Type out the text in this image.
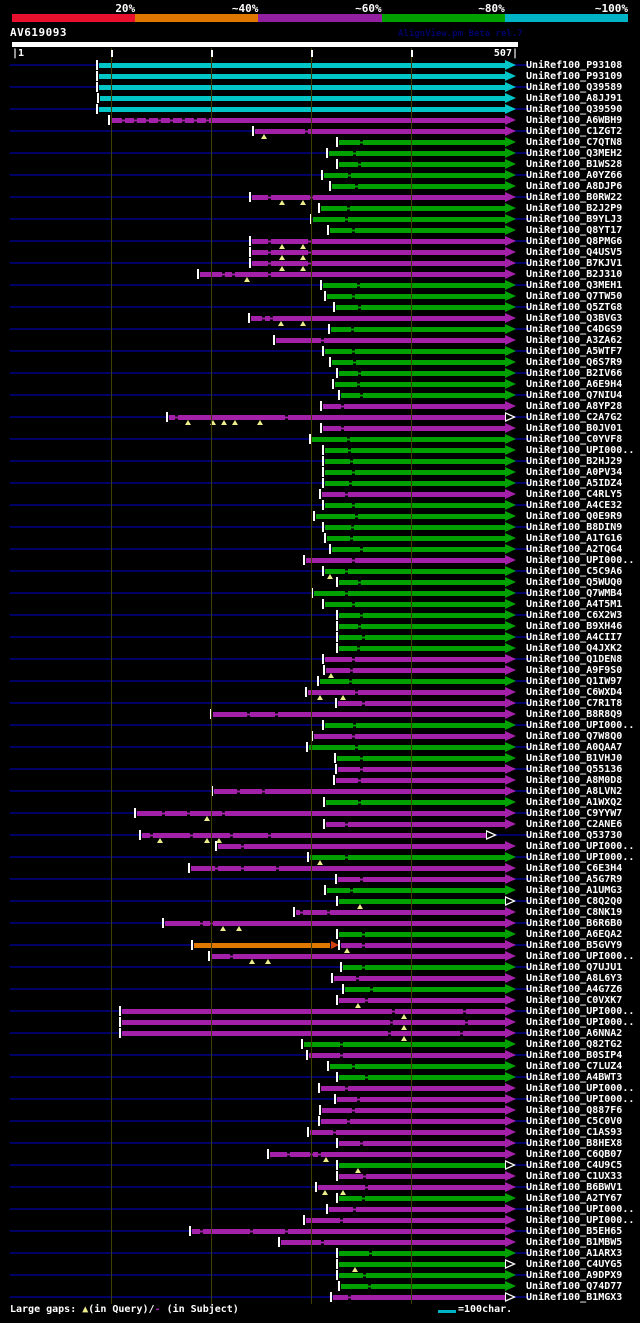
20%	~40%	~60%	~80%	~100%
AV619093	AlignView.pm Beta rel.7
|1	507|
UniRef100_P93108
UniRef100_P93109
UniRef100_Q39589
UniRef100_A8JJ91
UniRef100_Q39590
UniRef100_A6WBH9
UniRef100_C1ZGT2
UniRef100_C7QTN8
UniRef100_Q3MEH2
UniRef100_B1WS28
UniRef100_A0YZ66
UniRef100_A8DJP6
UniRef100_B0RW22
UniRef100_B2J2P9
UniRef100_B9YLJ3
UniRef100_Q8YT17
UniRef100_Q8PMG6
UniRef100_Q4USV5
UniRef100_B7KJV1
UniRef100_B2J310
UniRef100_Q3MEH1
UniRef100_Q7TW50
UniRef100_Q5ZTG8
UniRef100_Q3BVG3
UniRef100_C4DGS9
UniRef100_A3ZA62
UniRef100_A5WTF7
UniRef100_Q6S7R9
UniRef100_B2IV66
UniRef100_A6E9H4
UniRef100_Q7NIU4
UniRef100_A8YP28
UniRef100_C2A7G2
UniRef100_B0JV01
UniRef100_C0YVF8
UniRef100_UPI000..
UniRef100_B2HJ29
UniRef100_A0PV34
UniRef100_A5IDZ4
UniRef100_C4RLY5
UniRef100_A4CE32
UniRef100_Q0E9R9
UniRef100_B8DIN9
UniRef100_A1TG16
UniRef100_A2TQG4
UniRef100_UPI000..
UniRef100_C5C9A6
UniRef100_Q5WUQ0
UniRef100_Q7WMB4
UniRef100_A4T5M1
UniRef100_C6X2W3
UniRef100_B9XH46
UniRef100_A4CII7
UniRef100_Q4JXK2
UniRef100_Q1DEN8
UniRef100_A9F9S0
UniRef100_Q1IW97
UniRef100_C6WXD4
UniRef100_C7R1T8
UniRef100_B8R8Q9
UniRef100_UPI000..
UniRef100_Q7W8Q0
UniRef100_A0QAA7
UniRef100_B1VHJ0
UniRef100_Q55136
UniRef100_A8M0D8
UniRef100_A8LVN2
UniRef100_A1WXQ2
UniRef100_C9YYW7
UniRef100_C2ANE6
UniRef100_Q53730
UniRef100_UPI000..
UniRef100_UPI000..
UniRef100_C6E3H4
UniRef100_A5G7R9
UniRef100_A1UMG3
UniRef100_C8Q2Q0
UniRef100_C8NK19
UniRef100_B6R6B0
UniRef100_A6EQA2
UniRef100_B5GVY9
UniRef100_UPI000..
UniRef100_Q7UJU1
UniRef100_A8L6Y3
UniRef100_A4G7Z6
UniRef100_C0VXK7
UniRef100_UPI000..
UniRef100_UPI000..
UniRef100_A6NNA2
UniRef100_Q82TG2
UniRef100_B0SIP4
UniRef100_C7LUZ4
UniRef100_A4BWT3
UniRef100_UPI000..
UniRef100_UPI000..
UniRef100_Q887F6
UniRef100_C5C0V0
UniRef100_C1AS93
UniRef100_B8HEX8
UniRef100_C6QB07
UniRef100_C4U9C5
UniRef100_C1UX33
UniRef100_B6BWV1
UniRef100_A2TY67
UniRef100_UPI000..
UniRef100_UPI000..
UniRef100_B5EH65
UniRef100_B1MBW5
UniRef100_A1ARX3
UniRef100_C4UYG5
UniRef100_A9DPX9
UniRef100_Q74D77
UniRef100_B1MGX3
Large gaps: ▲(in Query)/- (in Subject)	=100char.
